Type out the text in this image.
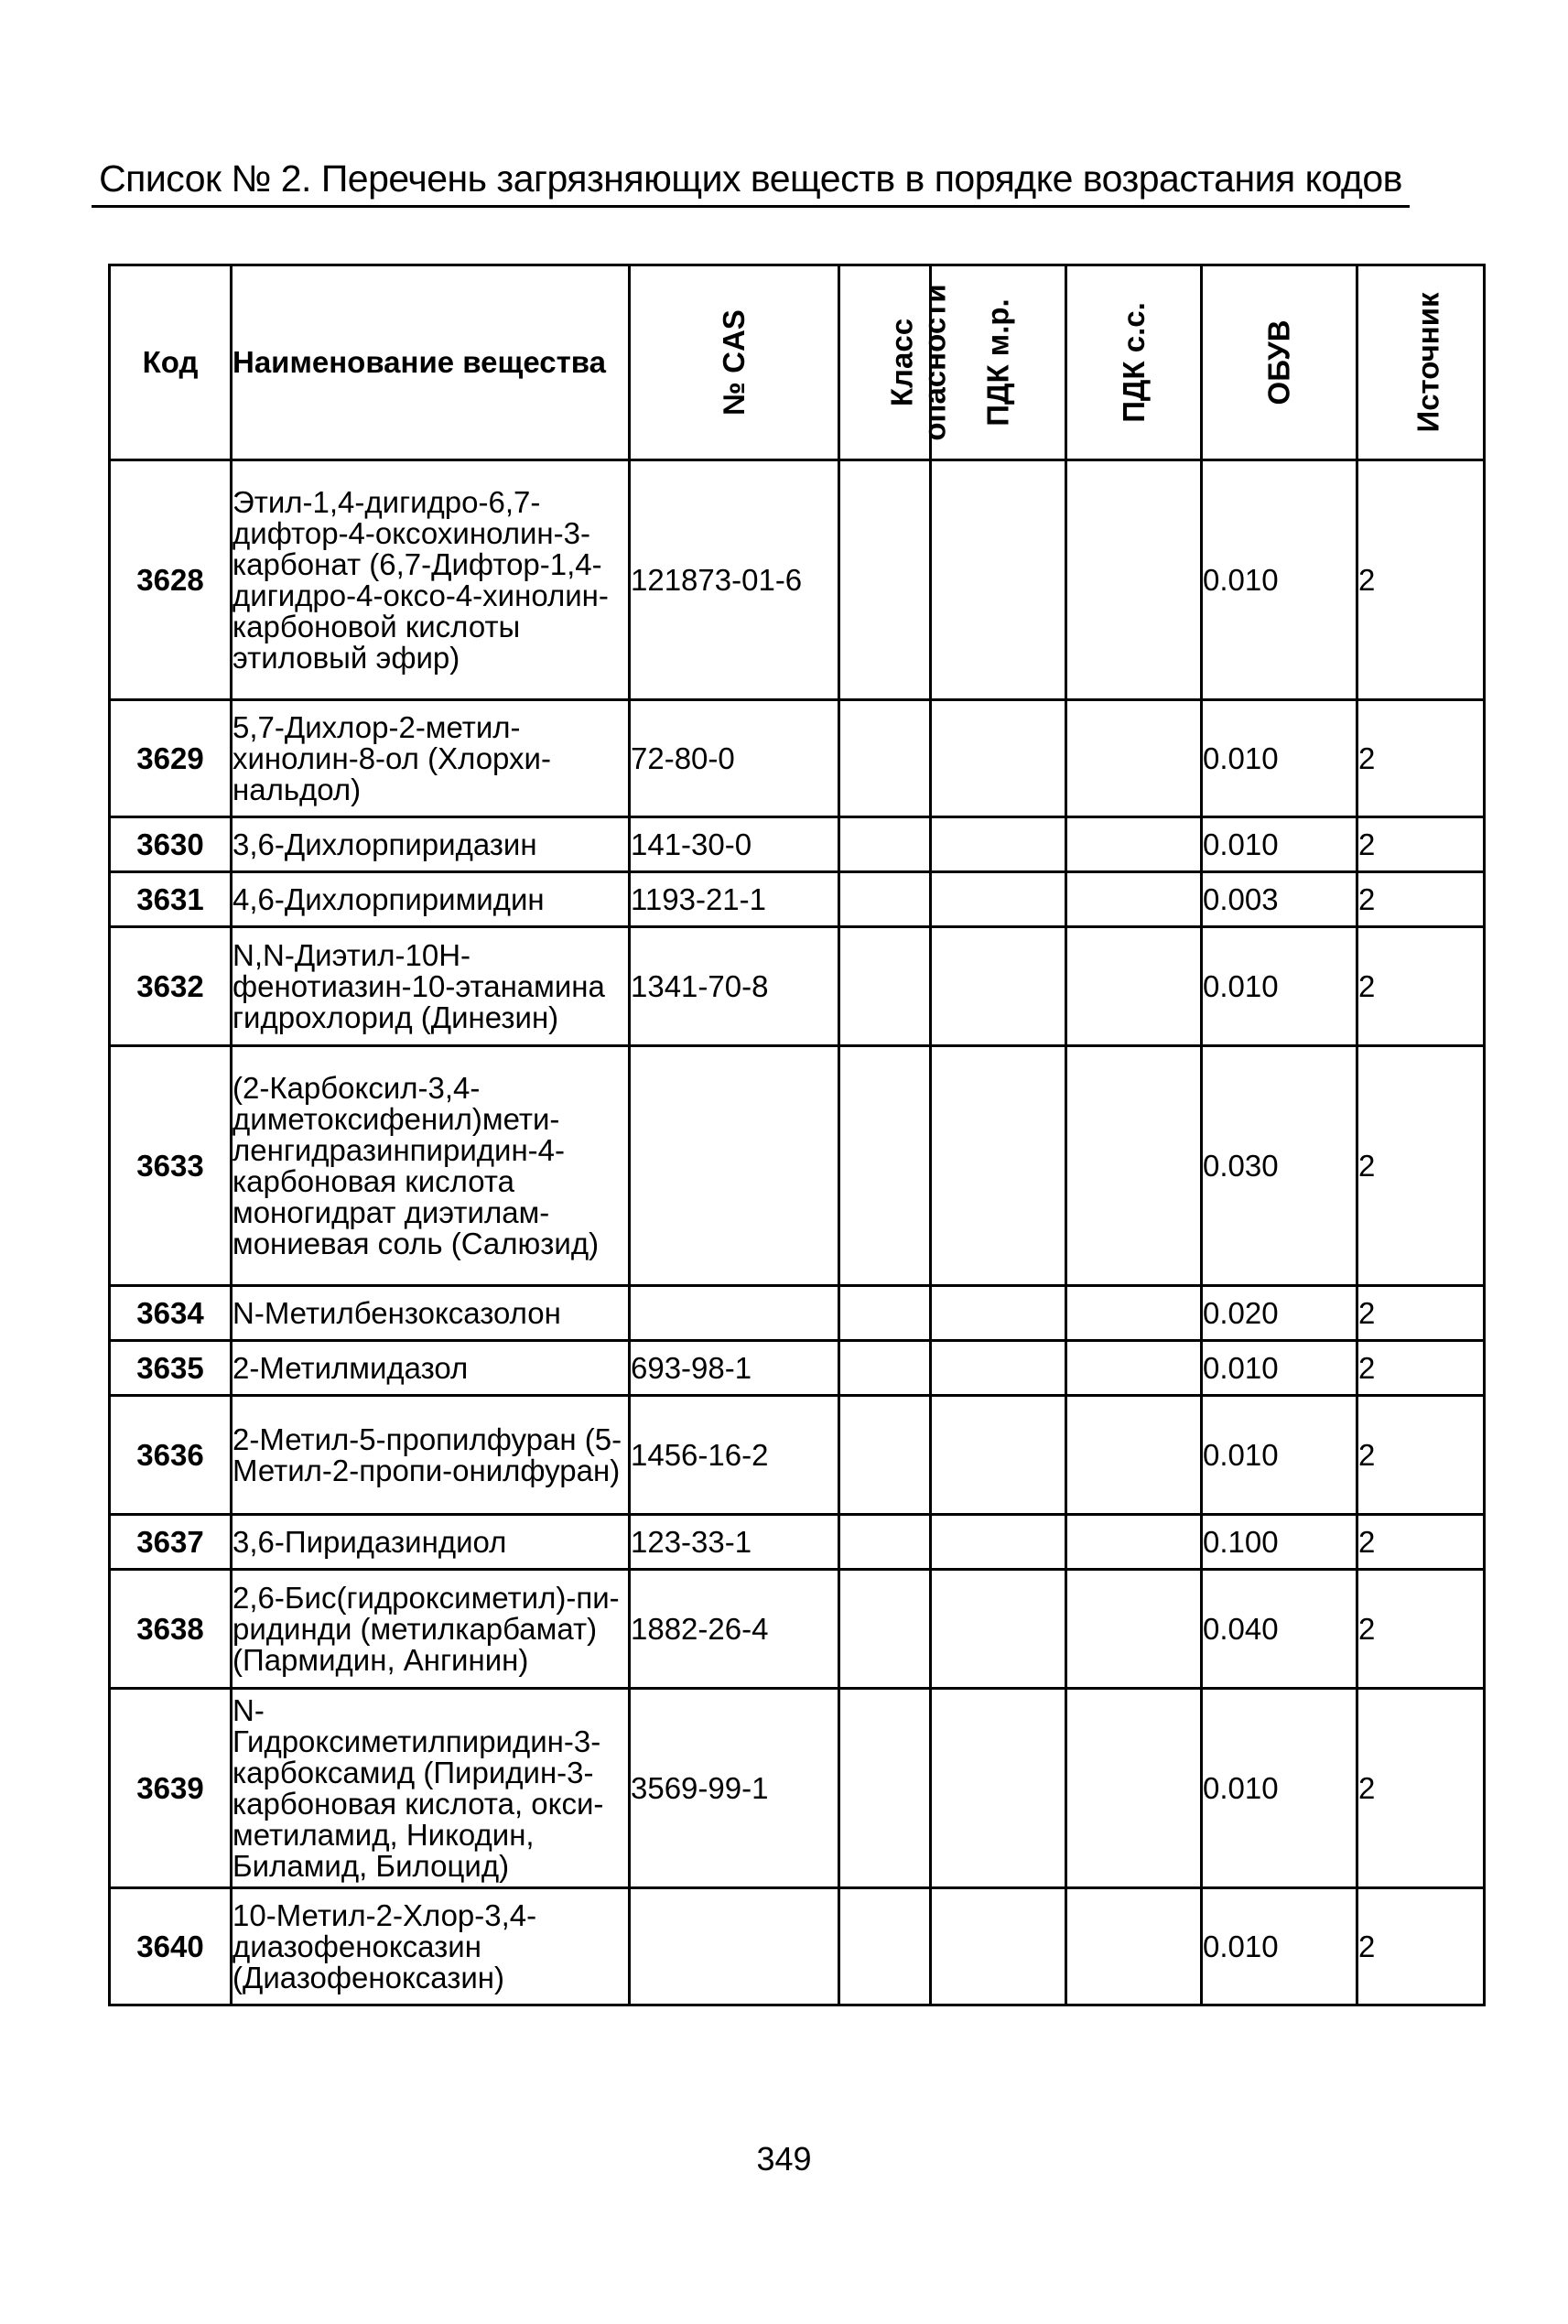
Список № 2. Перечень загрязняющих веществ в порядке возрастания кодов
Код	Наименование вещества	№ CAS	Класс опасности	ПДК м.р.	ПДК с.с.	ОБУВ	Источник
3628	Этил-1,4-дигидро-6,7-дифтор-4-оксохинолин-3-карбонат (6,7-Дифтор-1,4-дигидро-4-оксо-4-хинолин-карбоновой кислоты этиловый эфир)	121873-01-6				0.010	2
3629	5,7-Дихлор-2-метил-хинолин-8-ол (Хлорхи-нальдол)	72-80-0				0.010	2
3630	3,6-Дихлорпиридазин	141-30-0				0.010	2
3631	4,6-Дихлорпиримидин	1193-21-1				0.003	2
3632	N,N-Диэтил-10H-фенотиазин-10-этанамина гидрохлорид (Динезин)	1341-70-8				0.010	2
3633	(2-Карбоксил-3,4-диметоксифенил)мети-ленгидразинпиридин-4-карбоновая кислота моногидрат диэтилам-мониевая соль (Салюзид)					0.030	2
3634	N-Метилбензоксазолон					0.020	2
3635	2-Метилмидазол	693-98-1				0.010	2
3636	2-Метил-5-пропилфуран (5-Метил-2-пропи-онилфуран)	1456-16-2				0.010	2
3637	3,6-Пиридазиндиол	123-33-1				0.100	2
3638	2,6-Бис(гидроксиметил)-пи-ридинди (метилкарбамат) (Пармидин, Ангинин)	1882-26-4				0.040	2
3639	N-Гидроксиметилпиридин-3-карбоксамид (Пиридин-3-карбоновая кислота, окси-метиламид, Никодин, Биламид, Билоцид)	3569-99-1				0.010	2
3640	10-Метил-2-Хлор-3,4-диазофеноксазин (Диазофеноксазин)					0.010	2
349
